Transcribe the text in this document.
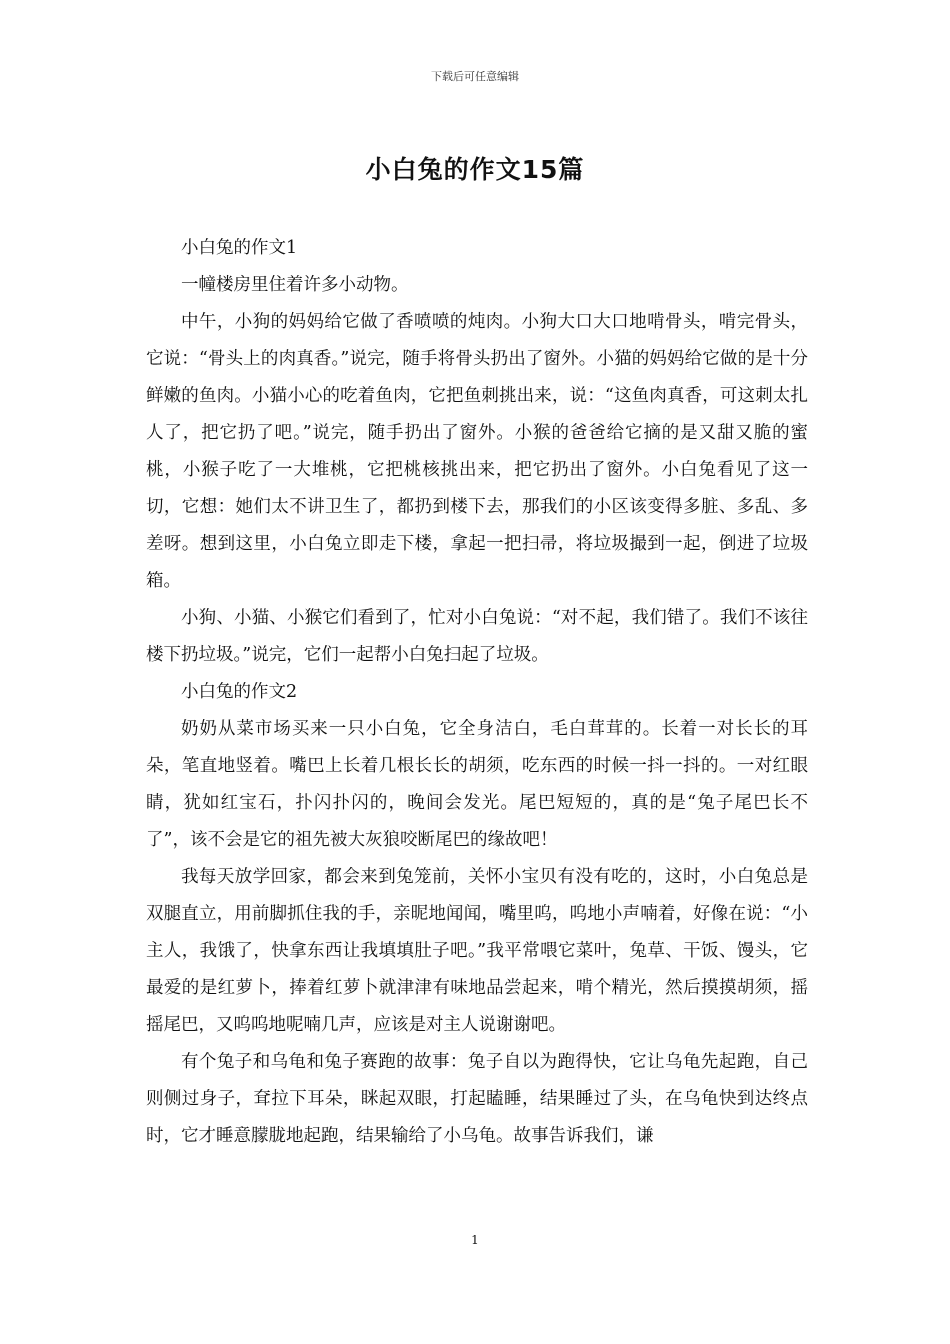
下载后可任意编辑
小白兔的作文15篇

小白兔的作文1

一幢楼房里住着许多小动物。

中午，小狗的妈妈给它做了香喷喷的炖肉。小狗大口大口地啃骨头，啃完骨头，它说：“骨头上的肉真香。”说完，随手将骨头扔出了窗外。小猫的妈妈给它做的是十分鲜嫩的鱼肉。小猫小心的吃着鱼肉，它把鱼刺挑出来，说：“这鱼肉真香，可这刺太扎人了，把它扔了吧。”说完，随手扔出了窗外。小猴的爸爸给它摘的是又甜又脆的蜜桃，小猴子吃了一大堆桃，它把桃核挑出来，把它扔出了窗外。小白兔看见了这一切，它想：她们太不讲卫生了，都扔到楼下去，那我们的小区该变得多脏、多乱、多差呀。想到这里，小白兔立即走下楼，拿起一把扫帚，将垃圾撮到一起，倒进了垃圾箱。

小狗、小猫、小猴它们看到了，忙对小白兔说：“对不起，我们错了。我们不该往楼下扔垃圾。”说完，它们一起帮小白兔扫起了垃圾。

小白兔的作文2

奶奶从菜市场买来一只小白兔，它全身洁白，毛白茸茸的。长着一对长长的耳朵，笔直地竖着。嘴巴上长着几根长长的胡须，吃东西的时候一抖一抖的。一对红眼睛，犹如红宝石，扑闪扑闪的，晚间会发光。尾巴短短的，真的是“兔子尾巴长不了”，该不会是它的祖先被大灰狼咬断尾巴的缘故吧！

我每天放学回家，都会来到兔笼前，关怀小宝贝有没有吃的，这时，小白兔总是双腿直立，用前脚抓住我的手，亲昵地闻闻，嘴里呜，呜地小声喃着，好像在说：“小主人，我饿了，快拿东西让我填填肚子吧。”我平常喂它菜叶，兔草、干饭、馒头，它最爱的是红萝卜，捧着红萝卜就津津有味地品尝起来，啃个精光，然后摸摸胡须，摇摇尾巴，又呜呜地呢喃几声，应该是对主人说谢谢吧。

有个兔子和乌龟和兔子赛跑的故事：兔子自以为跑得快，它让乌龟先起跑，自己则侧过身子，耷拉下耳朵，眯起双眼，打起瞌睡，结果睡过了头，在乌龟快到达终点时，它才睡意朦胧地起跑，结果输给了小乌龟。故事告诉我们，谦

1
